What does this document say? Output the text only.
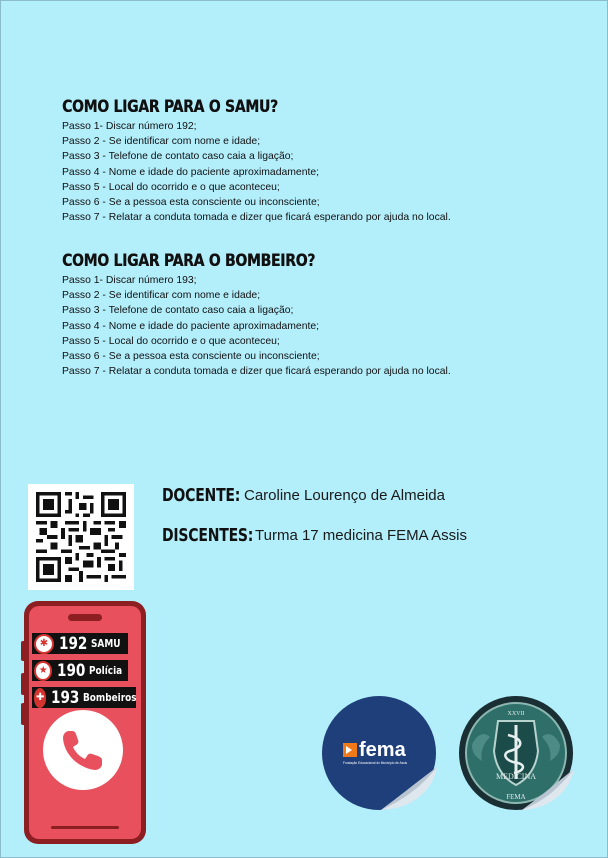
COMO LIGAR PARA O SAMU?
Passo 1- Discar número 192;
Passo 2 - Se identificar com nome e idade;
Passo 3 - Telefone de contato caso caia a ligação;
Passo 4 - Nome e idade do paciente aproximadamente;
Passo 5 - Local do ocorrido e o que aconteceu;
Passo 6 - Se a pessoa esta consciente ou inconsciente;
Passo 7 - Relatar a conduta tomada e dizer que ficará esperando por ajuda no local.
COMO LIGAR PARA O BOMBEIRO?
Passo 1- Discar número 193;
Passo 2 - Se identificar com nome e idade;
Passo 3 - Telefone de contato caso caia a ligação;
Passo 4 - Nome e idade do paciente aproximadamente;
Passo 5 - Local do ocorrido e o que aconteceu;
Passo 6 - Se a pessoa esta consciente ou inconsciente;
Passo 7 - Relatar a conduta tomada e dizer que ficará esperando por ajuda no local.
DOCENTE: Caroline Lourenço de Almeida
DISCENTES: Turma 17 medicina FEMA Assis
✱ 192 SAMU
★ 190 Polícia
✚ 193 Bombeiros
fema
Fundação Educacional do Município de Assis
XXVII
MEDICINA
FEMA
